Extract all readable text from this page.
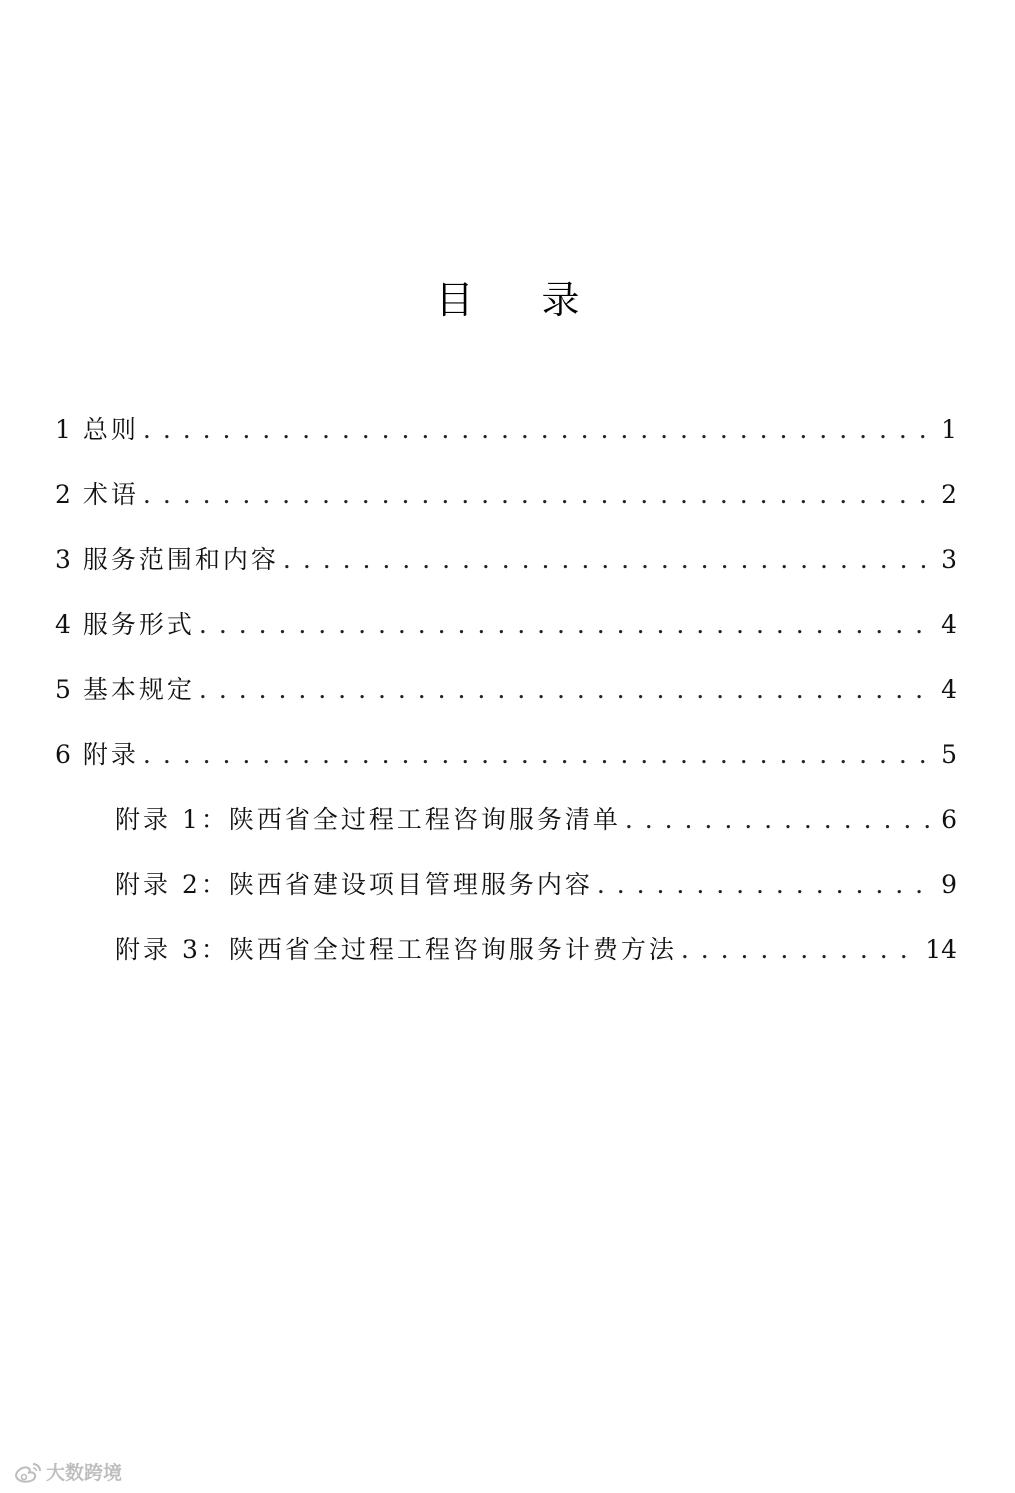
目 录
1 总则 . . .	1
2 术语 . . .	2
3 服务范围和内容 . . .	3
4 服务形式 . . .	4
5 基本规定 . . .	4
6 附录 . . .	5
附录 1：陕西省全过程工程咨询服务清单 . . .	6
附录 2：陕西省建设项目管理服务内容 . . .	9
附录 3：陕西省全过程工程咨询服务计费方法 . . .	14
大数跨境
